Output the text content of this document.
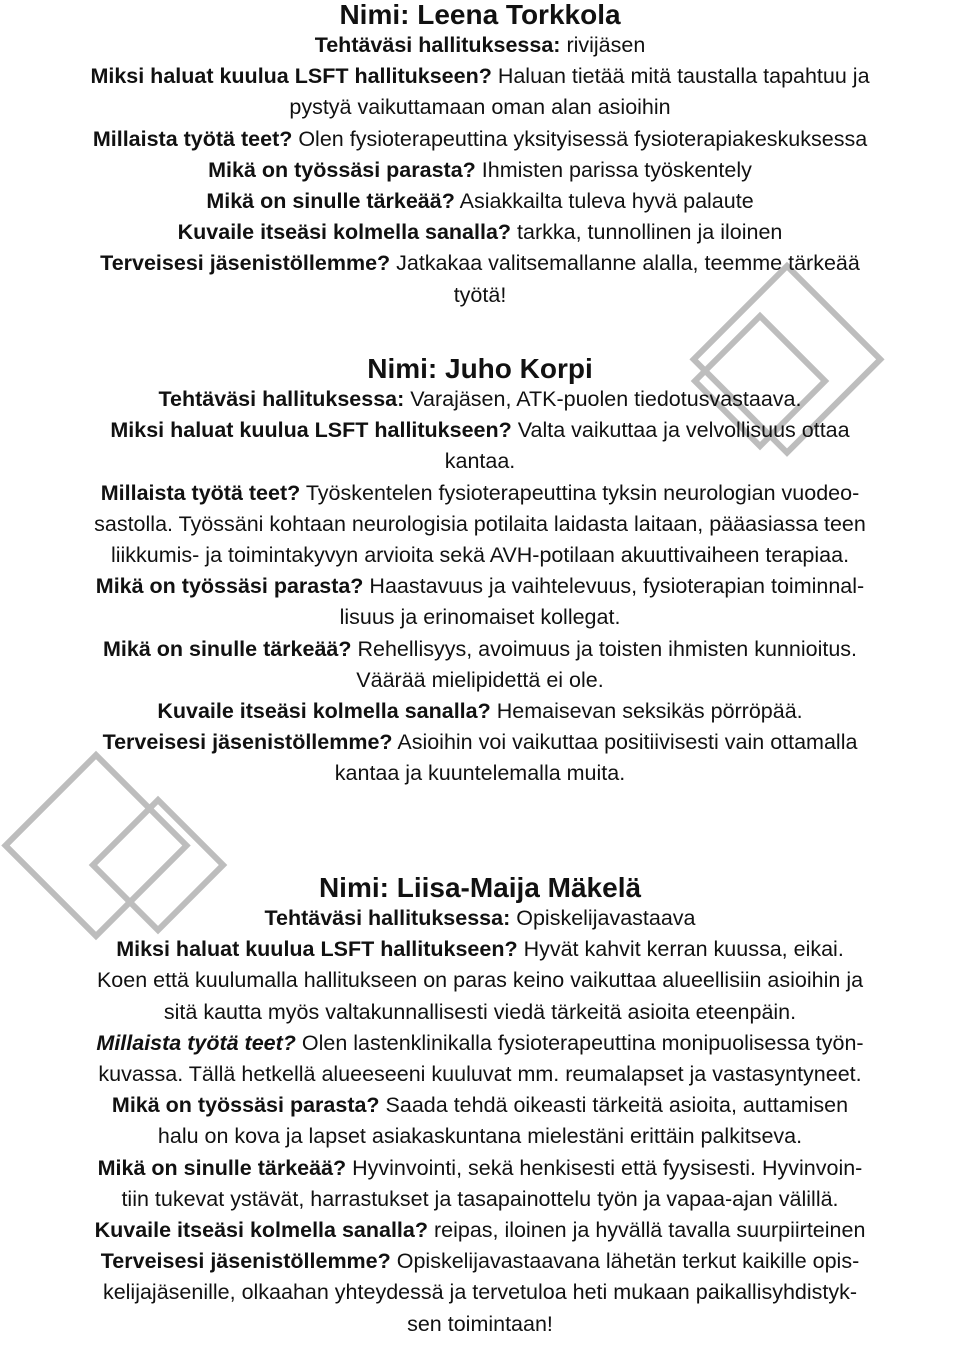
Nimi: Leena Torkkola
Tehtäväsi hallituksessa: rivijäsen
Miksi haluat kuulua LSFT hallitukseen? Haluan tietää mitä taustalla tapahtuu ja
pystyä vaikuttamaan oman alan asioihin
Millaista työtä teet? Olen fysioterapeuttina yksityisessä fysioterapiakeskuksessa
Mikä on työssäsi parasta? Ihmisten parissa työskentely
Mikä on sinulle tärkeää? Asiakkailta tuleva hyvä palaute
Kuvaile itseäsi kolmella sanalla? tarkka, tunnollinen ja iloinen
Terveisesi jäsenistöllemme? Jatkakaa valitsemallanne alalla, teemme tärkeää
työtä!
Nimi: Juho Korpi
Tehtäväsi hallituksessa: Varajäsen, ATK-puolen tiedotusvastaava.
Miksi haluat kuulua LSFT hallitukseen? Valta vaikuttaa ja velvollisuus ottaa
kantaa.
Millaista työtä teet? Työskentelen fysioterapeuttina tyksin neurologian vuodeo-
sastolla. Työssäni kohtaan neurologisia potilaita laidasta laitaan, pääasiassa teen
liikkumis- ja toimintakyvyn arvioita sekä AVH-potilaan akuuttivaiheen terapiaa.
Mikä on työssäsi parasta? Haastavuus ja vaihtelevuus, fysioterapian toiminnal-
lisuus ja erinomaiset kollegat.
Mikä on sinulle tärkeää? Rehellisyys, avoimuus ja toisten ihmisten kunnioitus.
Väärää mielipidettä ei ole.
Kuvaile itseäsi kolmella sanalla? Hemaisevan seksikäs pörröpää.
Terveisesi jäsenistöllemme? Asioihin voi vaikuttaa positiivisesti vain ottamalla
kantaa ja kuuntelemalla muita.
Nimi: Liisa-Maija Mäkelä
Tehtäväsi hallituksessa: Opiskelijavastaava
Miksi haluat kuulua LSFT hallitukseen? Hyvät kahvit kerran kuussa, eikai.
Koen että kuulumalla hallitukseen on paras keino vaikuttaa alueellisiin asioihin ja
sitä kautta myös valtakunnallisesti viedä tärkeitä asioita eteenpäin.
Millaista työtä teet? Olen lastenklinikalla fysioterapeuttina monipuolisessa työn-
kuvassa. Tällä hetkellä alueeseeni kuuluvat mm. reumalapset ja vastasyntyneet.
Mikä on työssäsi parasta? Saada tehdä oikeasti tärkeitä asioita, auttamisen
halu on kova ja lapset asiakaskuntana mielestäni erittäin palkitseva.
Mikä on sinulle tärkeää? Hyvinvointi, sekä henkisesti että fyysisesti. Hyvinvoin-
tiin tukevat ystävät, harrastukset ja tasapainottelu työn ja vapaa-ajan välillä.
Kuvaile itseäsi kolmella sanalla? reipas, iloinen ja hyvällä tavalla suurpiirteinen
Terveisesi jäsenistöllemme? Opiskelijavastaavana lähetän terkut kaikille opis-
kelijajäsenille, olkaahan yhteydessä ja tervetuloa heti mukaan paikallisyhdistyk-
sen toimintaan!
